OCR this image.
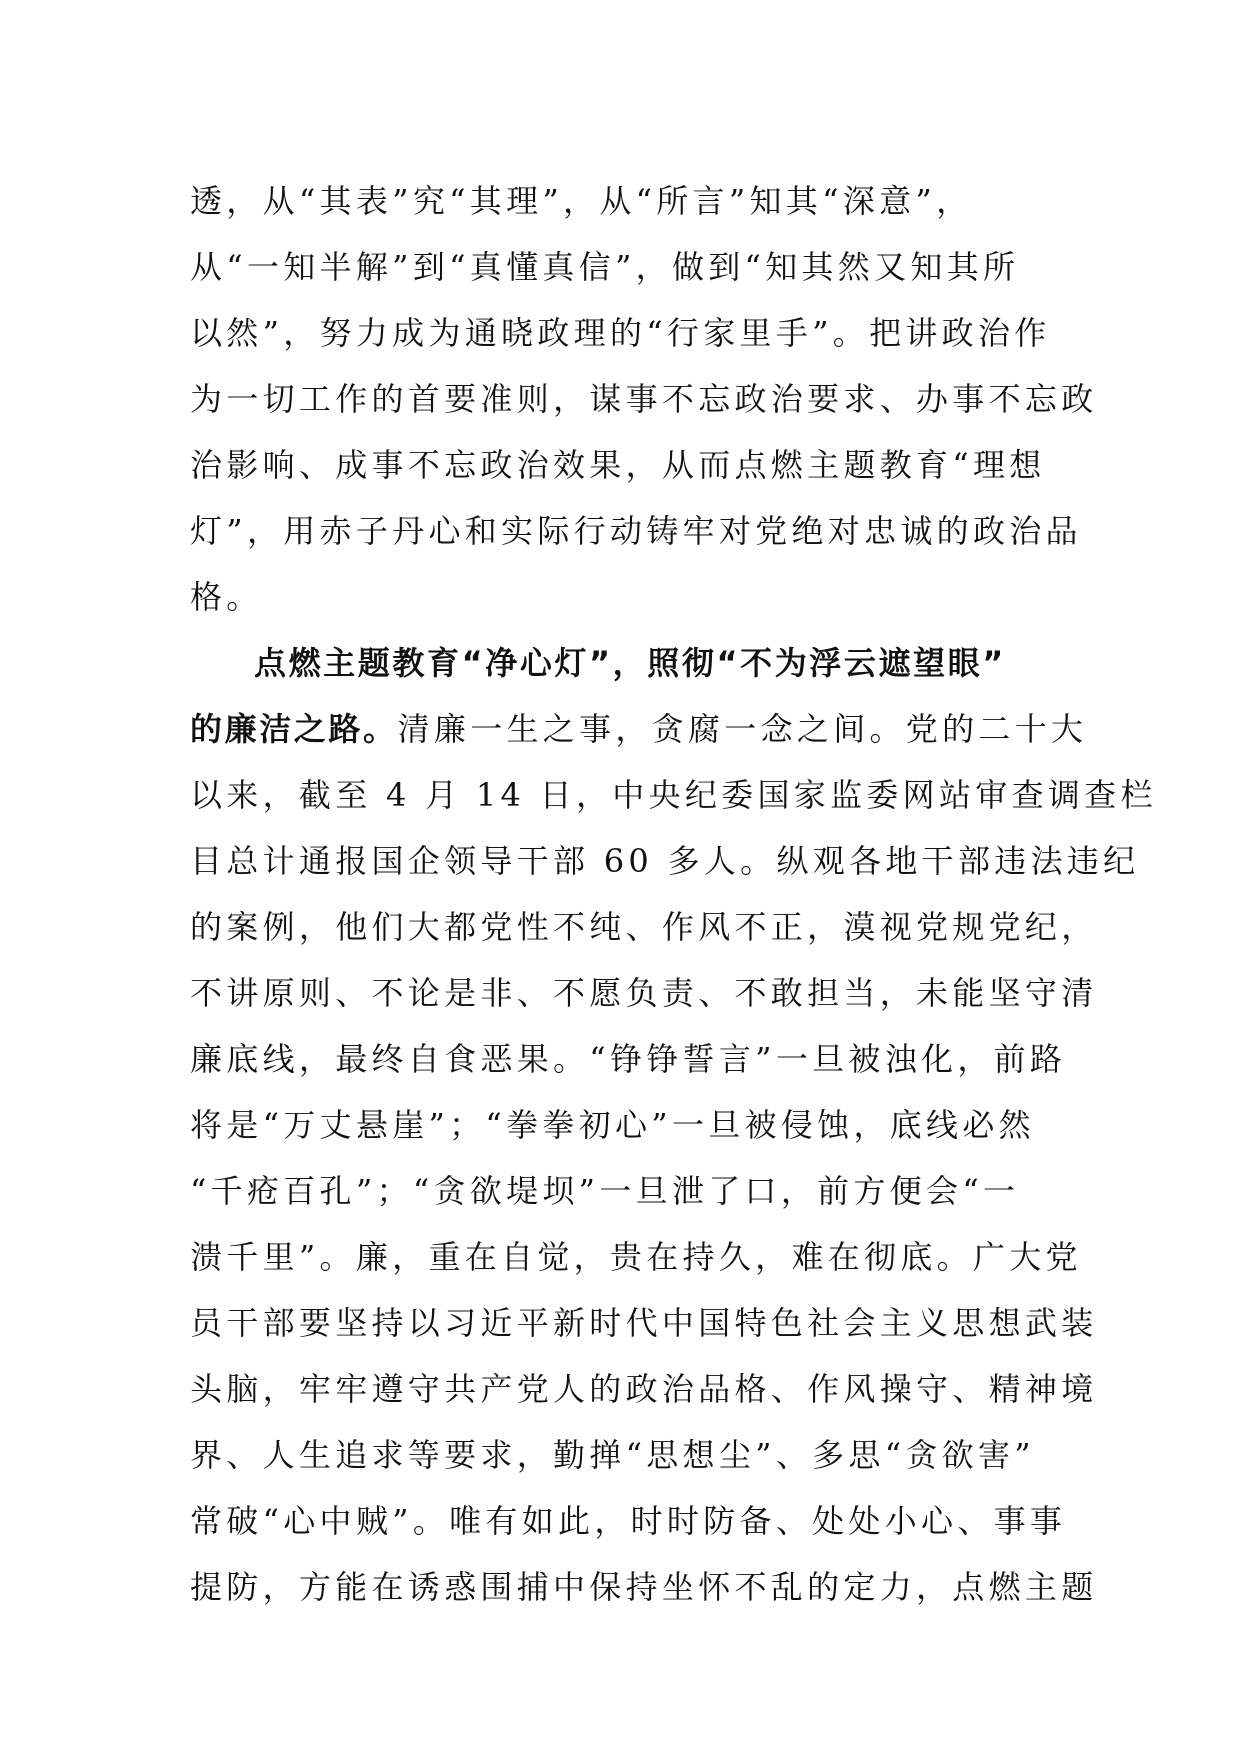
透，从“其表”究“其理”，从“所言”知其“深意”，
从“一知半解”到“真懂真信”，做到“知其然又知其所
以然”，努力成为通晓政理的“行家里手”。把讲政治作
为一切工作的首要准则，谋事不忘政治要求、办事不忘政
治影响、成事不忘政治效果，从而点燃主题教育“理想
灯”，用赤子丹心和实际行动铸牢对党绝对忠诚的政治品
格。
点燃主题教育“净心灯”，照彻“不为浮云遮望眼”
的廉洁之路。清廉一生之事，贪腐一念之间。党的二十大
以来，截至 4 月 14 日，中央纪委国家监委网站审查调查栏
目总计通报国企领导干部 60 多人。纵观各地干部违法违纪
的案例，他们大都党性不纯、作风不正，漠视党规党纪，
不讲原则、不论是非、不愿负责、不敢担当，未能坚守清
廉底线，最终自食恶果。“铮铮誓言”一旦被浊化，前路
将是“万丈悬崖”；“拳拳初心”一旦被侵蚀，底线必然
“千疮百孔”；“贪欲堤坝”一旦泄了口，前方便会“一
溃千里”。廉，重在自觉，贵在持久，难在彻底。广大党
员干部要坚持以习近平新时代中国特色社会主义思想武装
头脑，牢牢遵守共产党人的政治品格、作风操守、精神境
界、人生追求等要求，勤掸“思想尘”、多思“贪欲害”
常破“心中贼”。唯有如此，时时防备、处处小心、事事
提防，方能在诱惑围捕中保持坐怀不乱的定力，点燃主题
